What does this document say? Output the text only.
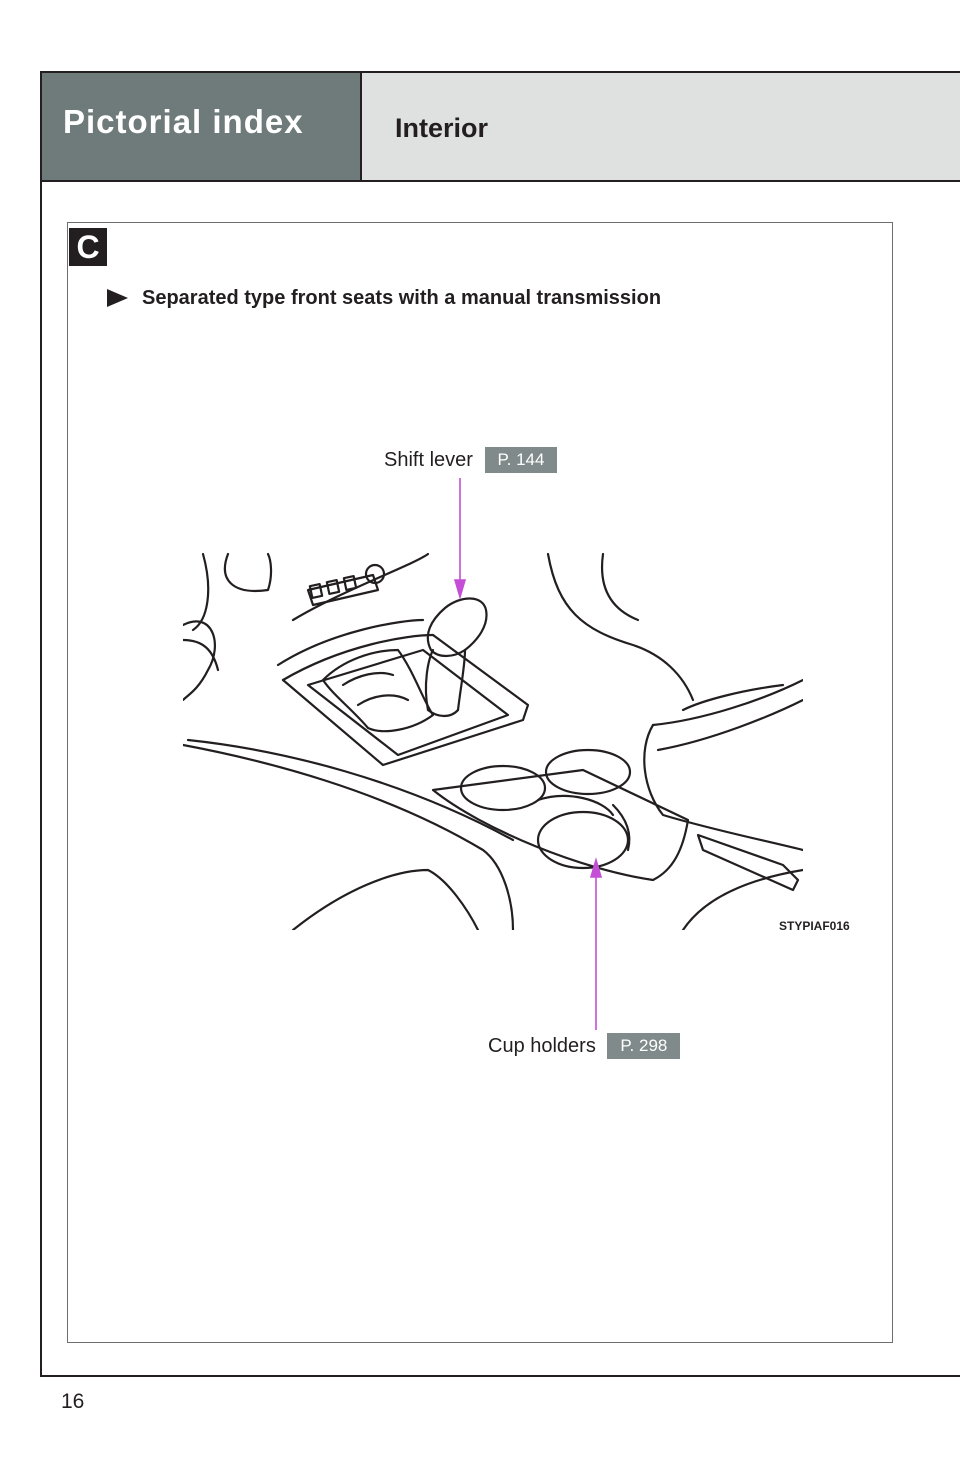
Pictorial index	Interior
C
Separated type front seats with a manual transmission
Shift lever P. 144
Cup holders P. 298
STYPIAF016
16
